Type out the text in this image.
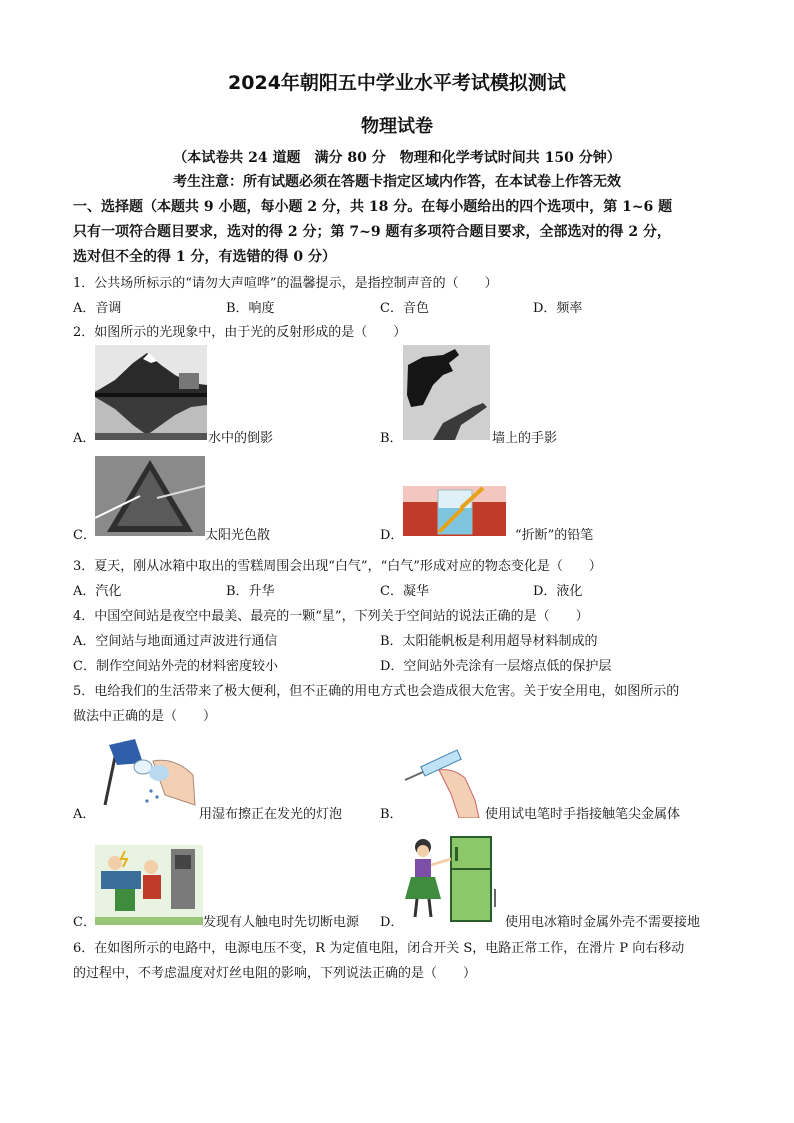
2024年朝阳五中学业水平考试模拟测试
物理试卷
（本试卷共 24 道题　满分 80 分　物理和化学考试时间共 150 分钟）
考生注意：所有试题必须在答题卡指定区域内作答，在本试卷上作答无效
一、选择题（本题共 9 小题，每小题 2 分，共 18 分。在每小题给出的四个选项中，第 1~6 题
只有一项符合题目要求，选对的得 2 分；第 7~9 题有多项符合题目要求，全部选对的得 2 分，
选对但不全的得 1 分，有选错的得 0 分）
1．公共场所标示的“请勿大声喧哗”的温馨提示，是指控制声音的（　　）
A．音调	B．响度	C．音色	D．频率
2．如图所示的光现象中，由于光的反射形成的是（　　）
A．	水中的倒影	B．	墙上的手影
C．	太阳光色散	D．	“折断”的铅笔
3．夏天，刚从冰箱中取出的雪糕周围会出现“白气”，“白气”形成对应的物态变化是（　　）
A．汽化	B．升华	C．凝华	D．液化
4．中国空间站是夜空中最美、最亮的一颗“星”，下列关于空间站的说法正确的是（　　）
A．空间站与地面通过声波进行通信	B．太阳能帆板是利用超导材料制成的
C．制作空间站外壳的材料密度较小	D．空间站外壳涂有一层熔点低的保护层
5．电给我们的生活带来了极大便利，但不正确的用电方式也会造成很大危害。关于安全用电，如图所示的
做法中正确的是（　　）
A．	用湿布擦正在发光的灯泡	B．	使用试电笔时手指接触笔尖金属体
C．	发现有人触电时先切断电源 D．	使用电冰箱时金属外壳不需要接地
6．在如图所示的电路中，电源电压不变，R 为定值电阻，闭合开关 S，电路正常工作，在滑片 P 向右移动
的过程中，不考虑温度对灯丝电阻的影响，下列说法正确的是（　　）
